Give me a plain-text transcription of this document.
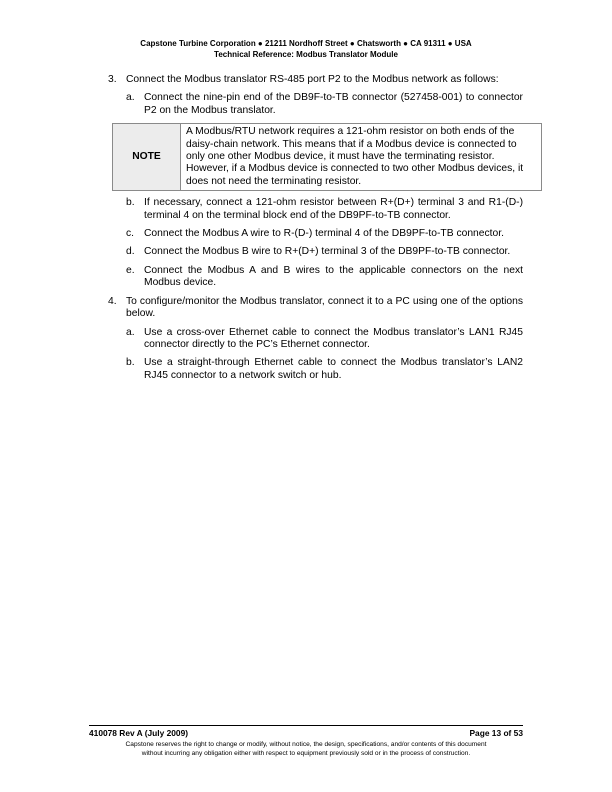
Capstone Turbine Corporation ● 21211 Nordhoff Street ● Chatsworth ● CA 91311 ● USA
Technical Reference: Modbus Translator Module
3. Connect the Modbus translator RS-485 port P2 to the Modbus network as follows:
a. Connect the nine-pin end of the DB9F-to-TB connector (527458-001) to connector P2 on the Modbus translator.
NOTE
A Modbus/RTU network requires a 121-ohm resistor on both ends of the daisy-chain network. This means that if a Modbus device is connected to only one other Modbus device, it must have the terminating resistor. However, if a Modbus device is connected to two other Modbus devices, it does not need the terminating resistor.
b. If necessary, connect a 121-ohm resistor between R+(D+) terminal 3 and R1-(D-) terminal 4 on the terminal block end of the DB9PF-to-TB connector.
c. Connect the Modbus A wire to R-(D-) terminal 4 of the DB9PF-to-TB connector.
d. Connect the Modbus B wire to R+(D+) terminal 3 of the DB9PF-to-TB connector.
e. Connect the Modbus A and B wires to the applicable connectors on the next Modbus device.
4. To configure/monitor the Modbus translator, connect it to a PC using one of the options below.
a. Use a cross-over Ethernet cable to connect the Modbus translator’s LAN1 RJ45 connector directly to the PC’s Ethernet connector.
b. Use a straight-through Ethernet cable to connect the Modbus translator’s LAN2 RJ45 connector to a network switch or hub.
410078 Rev A (July 2009)	Page 13 of 53
Capstone reserves the right to change or modify, without notice, the design, specifications, and/or contents of this document
without incurring any obligation either with respect to equipment previously sold or in the process of construction.
